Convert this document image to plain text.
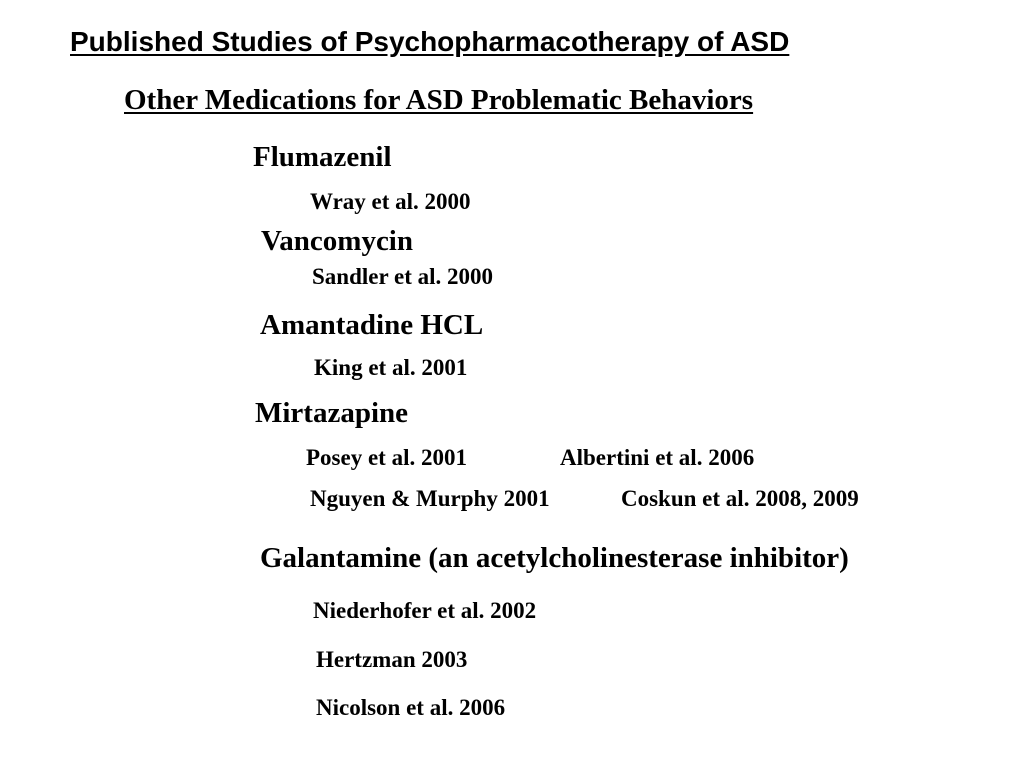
Published Studies of Psychopharmacotherapy of ASD
Other Medications for ASD Problematic Behaviors
Flumazenil
Wray et al. 2000
Vancomycin
Sandler et al. 2000
Amantadine HCL
King et al. 2001
Mirtazapine
Posey et al. 2001	Albertini et al. 2006
Nguyen & Murphy 2001	Coskun et al. 2008, 2009
Galantamine (an acetylcholinesterase inhibitor)
Niederhofer et al. 2002
Hertzman 2003
Nicolson et al. 2006
